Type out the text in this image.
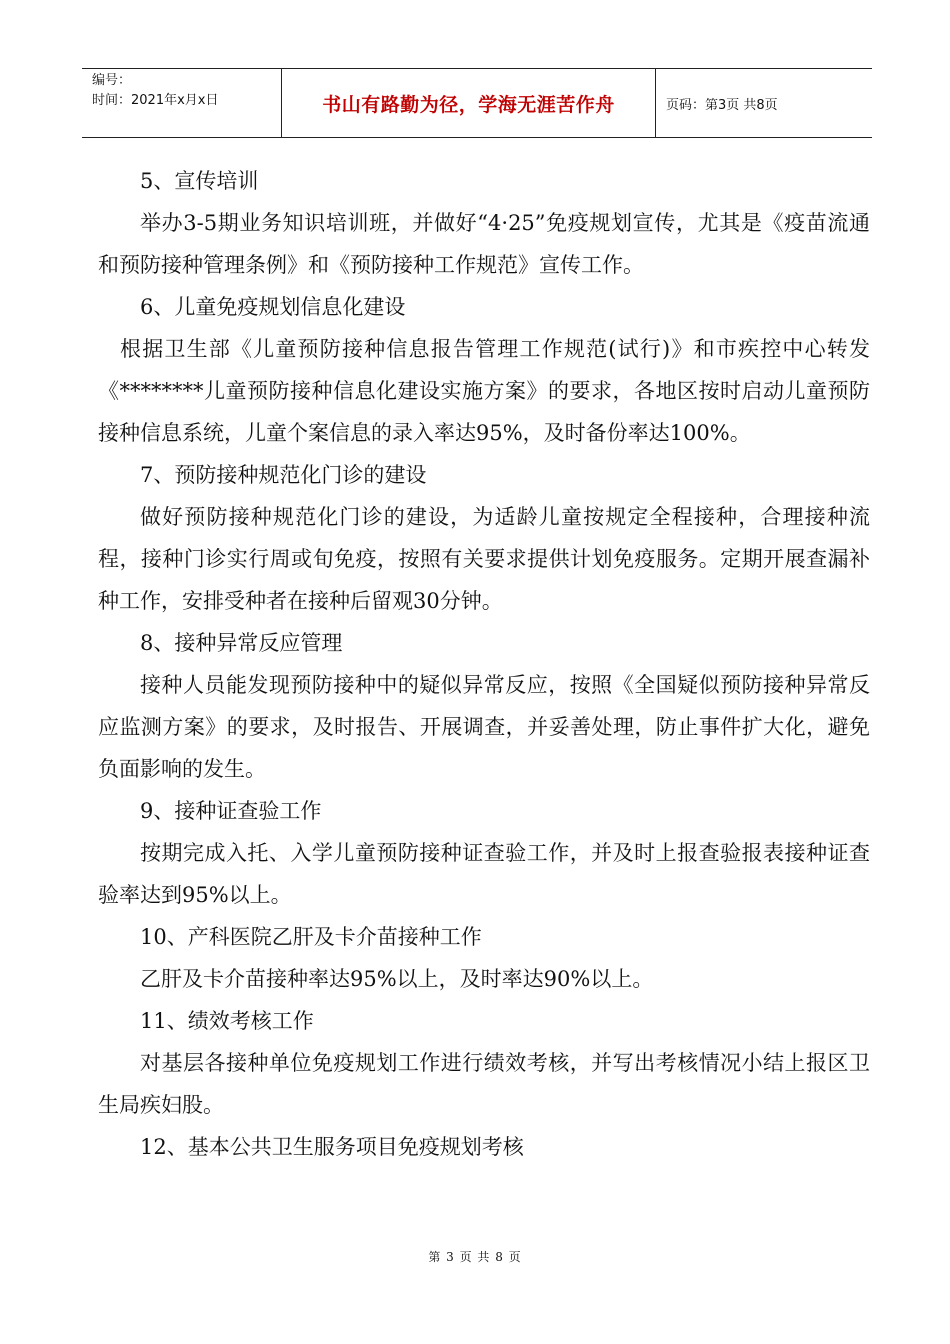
编号：
时间：2021年x月x日	书山有路勤为径，学海无涯苦作舟	页码：第3页 共8页

5、宣传培训

举办3-5期业务知识培训班，并做好“4·25”免疫规划宣传，尤其是《疫苗流通和预防接种管理条例》和《预防接种工作规范》宣传工作。

6、儿童免疫规划信息化建设

根据卫生部《儿童预防接种信息报告管理工作规范(试行)》和市疾控中心转发《********儿童预防接种信息化建设实施方案》的要求，各地区按时启动儿童预防接种信息系统，儿童个案信息的录入率达95%，及时备份率达100%。

7、预防接种规范化门诊的建设

做好预防接种规范化门诊的建设，为适龄儿童按规定全程接种，合理接种流程，接种门诊实行周或旬免疫，按照有关要求提供计划免疫服务。定期开展查漏补种工作，安排受种者在接种后留观30分钟。

8、接种异常反应管理

接种人员能发现预防接种中的疑似异常反应，按照《全国疑似预防接种异常反应监测方案》的要求，及时报告、开展调查，并妥善处理，防止事件扩大化，避免负面影响的发生。

9、接种证查验工作

按期完成入托、入学儿童预防接种证查验工作，并及时上报查验报表接种证查验率达到95%以上。

10、产科医院乙肝及卡介苗接种工作

乙肝及卡介苗接种率达95%以上，及时率达90%以上。

11、绩效考核工作

对基层各接种单位免疫规划工作进行绩效考核，并写出考核情况小结上报区卫生局疾妇股。

12、基本公共卫生服务项目免疫规划考核

第 3 页 共 8 页
